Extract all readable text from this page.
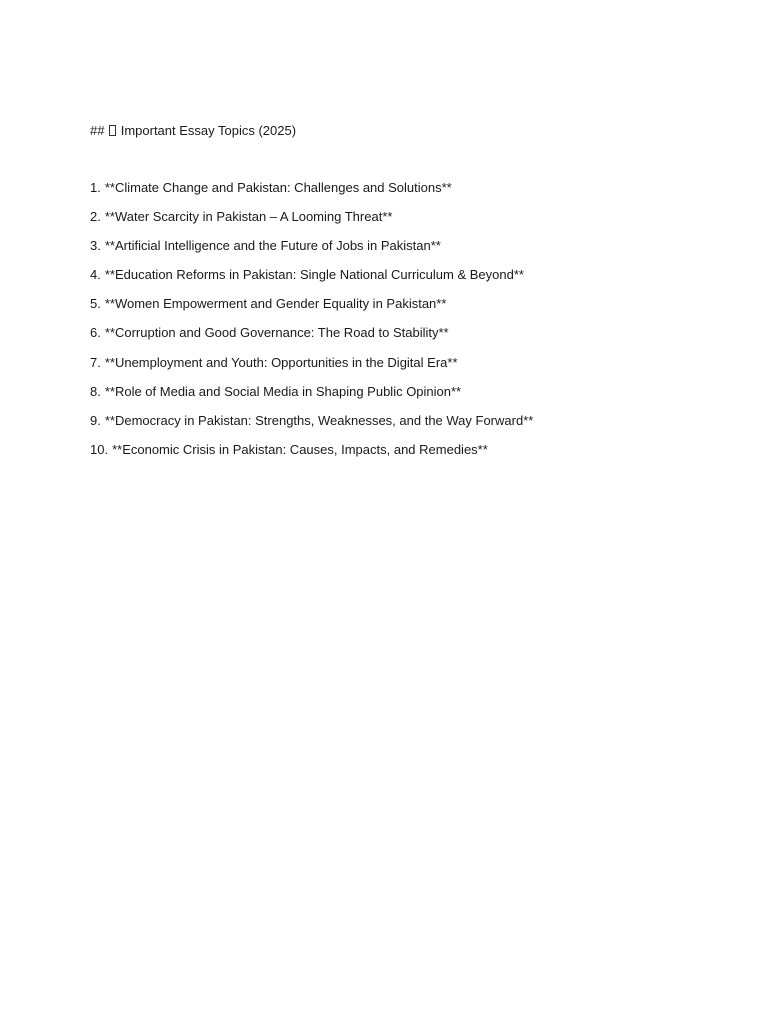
## Important Essay Topics (2025)
1. **Climate Change and Pakistan: Challenges and Solutions**
2. **Water Scarcity in Pakistan – A Looming Threat**
3. **Artificial Intelligence and the Future of Jobs in Pakistan**
4. **Education Reforms in Pakistan: Single National Curriculum & Beyond**
5. **Women Empowerment and Gender Equality in Pakistan**
6. **Corruption and Good Governance: The Road to Stability**
7. **Unemployment and Youth: Opportunities in the Digital Era**
8. **Role of Media and Social Media in Shaping Public Opinion**
9. **Democracy in Pakistan: Strengths, Weaknesses, and the Way Forward**
10. **Economic Crisis in Pakistan: Causes, Impacts, and Remedies**
